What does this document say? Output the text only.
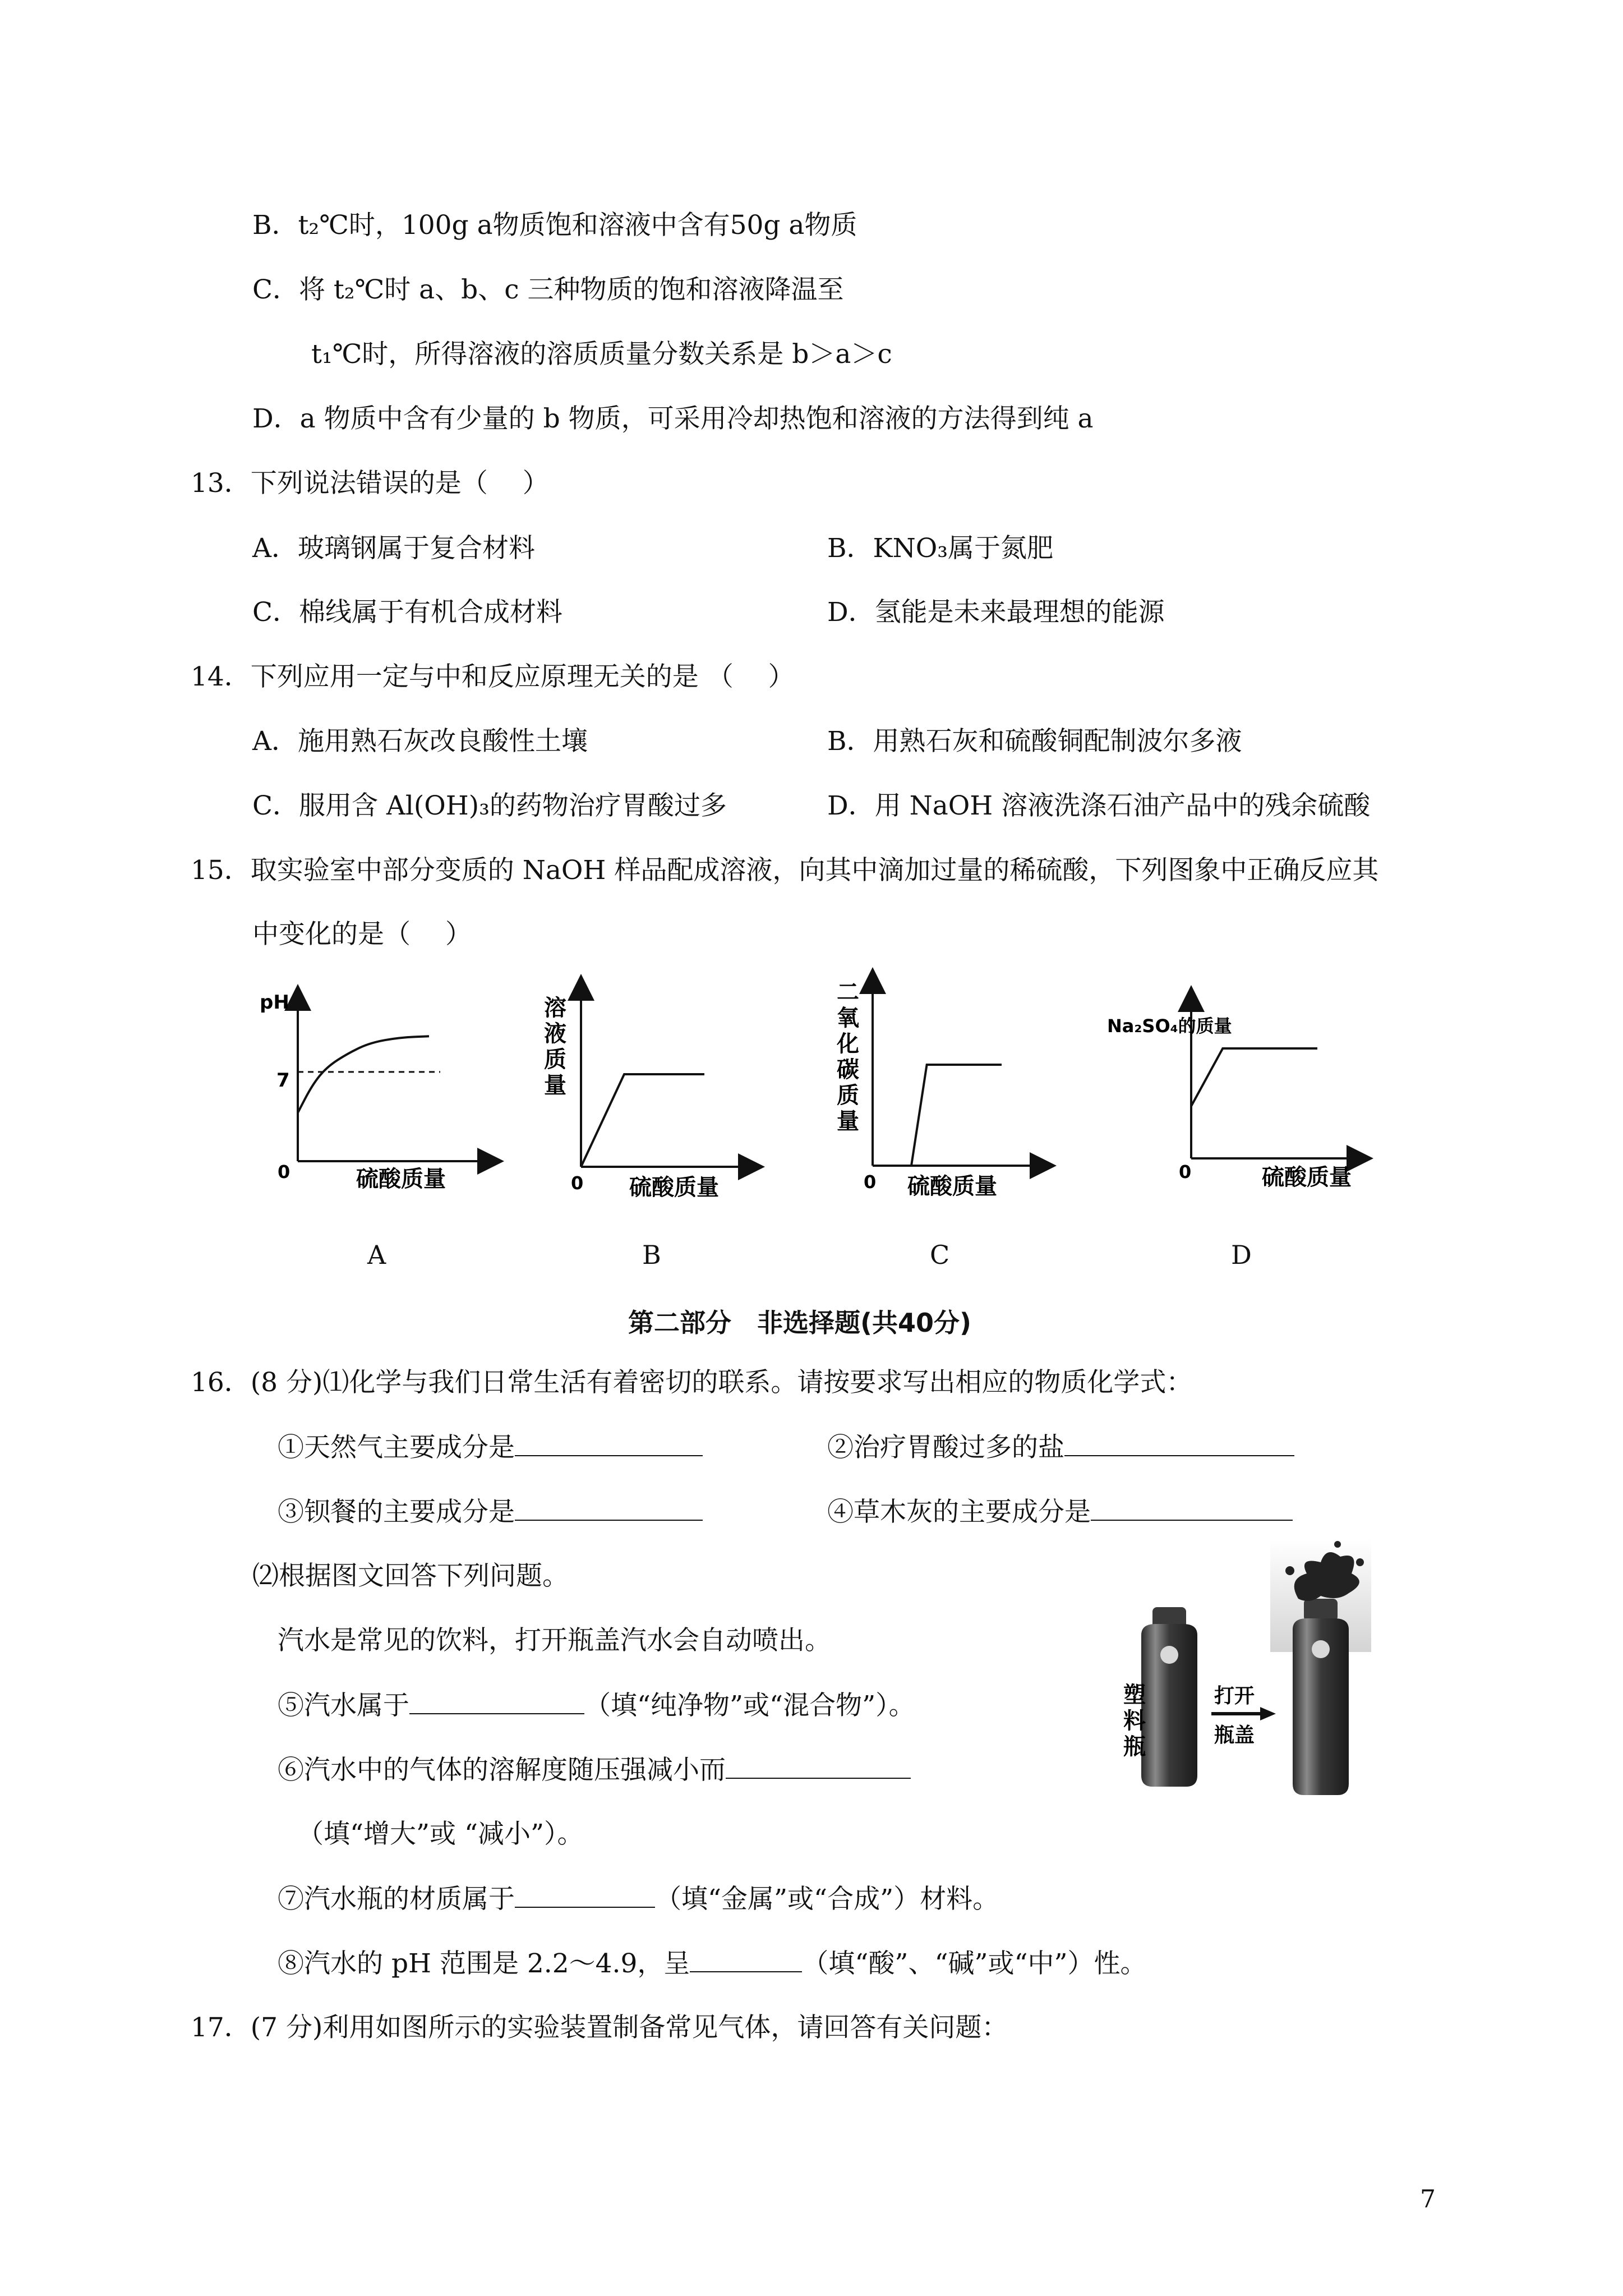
B．t₂℃时，100g a物质饱和溶液中含有50g a物质
C．将 t₂℃时 a、b、c 三种物质的饱和溶液降温至
t₁℃时，所得溶液的溶质质量分数关系是 b＞a＞c
D．a 物质中含有少量的 b 物质，可采用冷却热饱和溶液的方法得到纯 a
13．下列说法错误的是（　 ）
A．玻璃钢属于复合材料	B．KNO₃属于氮肥
C．棉线属于有机合成材料	D．氢能是未来最理想的能源
14．下列应用一定与中和反应原理无关的是 （　 ）
A．施用熟石灰改良酸性土壤	B．用熟石灰和硫酸铜配制波尔多液
C．服用含 Al(OH)₃的药物治疗胃酸过多	D．用 NaOH 溶液洗涤石油产品中的残余硫酸
15．取实验室中部分变质的 NaOH 样品配成溶液，向其中滴加过量的稀硫酸，下列图象中正确反应其
中变化的是（　 ）
pH
7
0	硫酸质量
溶
液
质
量
0 硫酸质量
二
氧
化
碳
质
量
0 硫酸质量
Na₂SO₄的质量
0	硫酸质量
A	B	C	D
第二部分　非选择题(共40分)
16．(8 分)⑴化学与我们日常生活有着密切的联系。请按要求写出相应的物质化学式：
①天然气主要成分是	②治疗胃酸过多的盐
③钡餐的主要成分是	④草木灰的主要成分是
⑵根据图文回答下列问题。
汽水是常见的饮料，打开瓶盖汽水会自动喷出。
⑤汽水属于	（填“纯净物”或“混合物”）。
⑥汽水中的气体的溶解度随压强减小而
（填“增大”或 “减小”）。
⑦汽水瓶的材质属于	（填“金属”或“合成”）材料。
⑧汽水的 pH 范围是 2.2～4.9，呈	（填“酸”、“碱”或“中”）性。
塑
料
瓶
打开
瓶盖
17．(7 分)利用如图所示的实验装置制备常见气体，请回答有关问题：
7
